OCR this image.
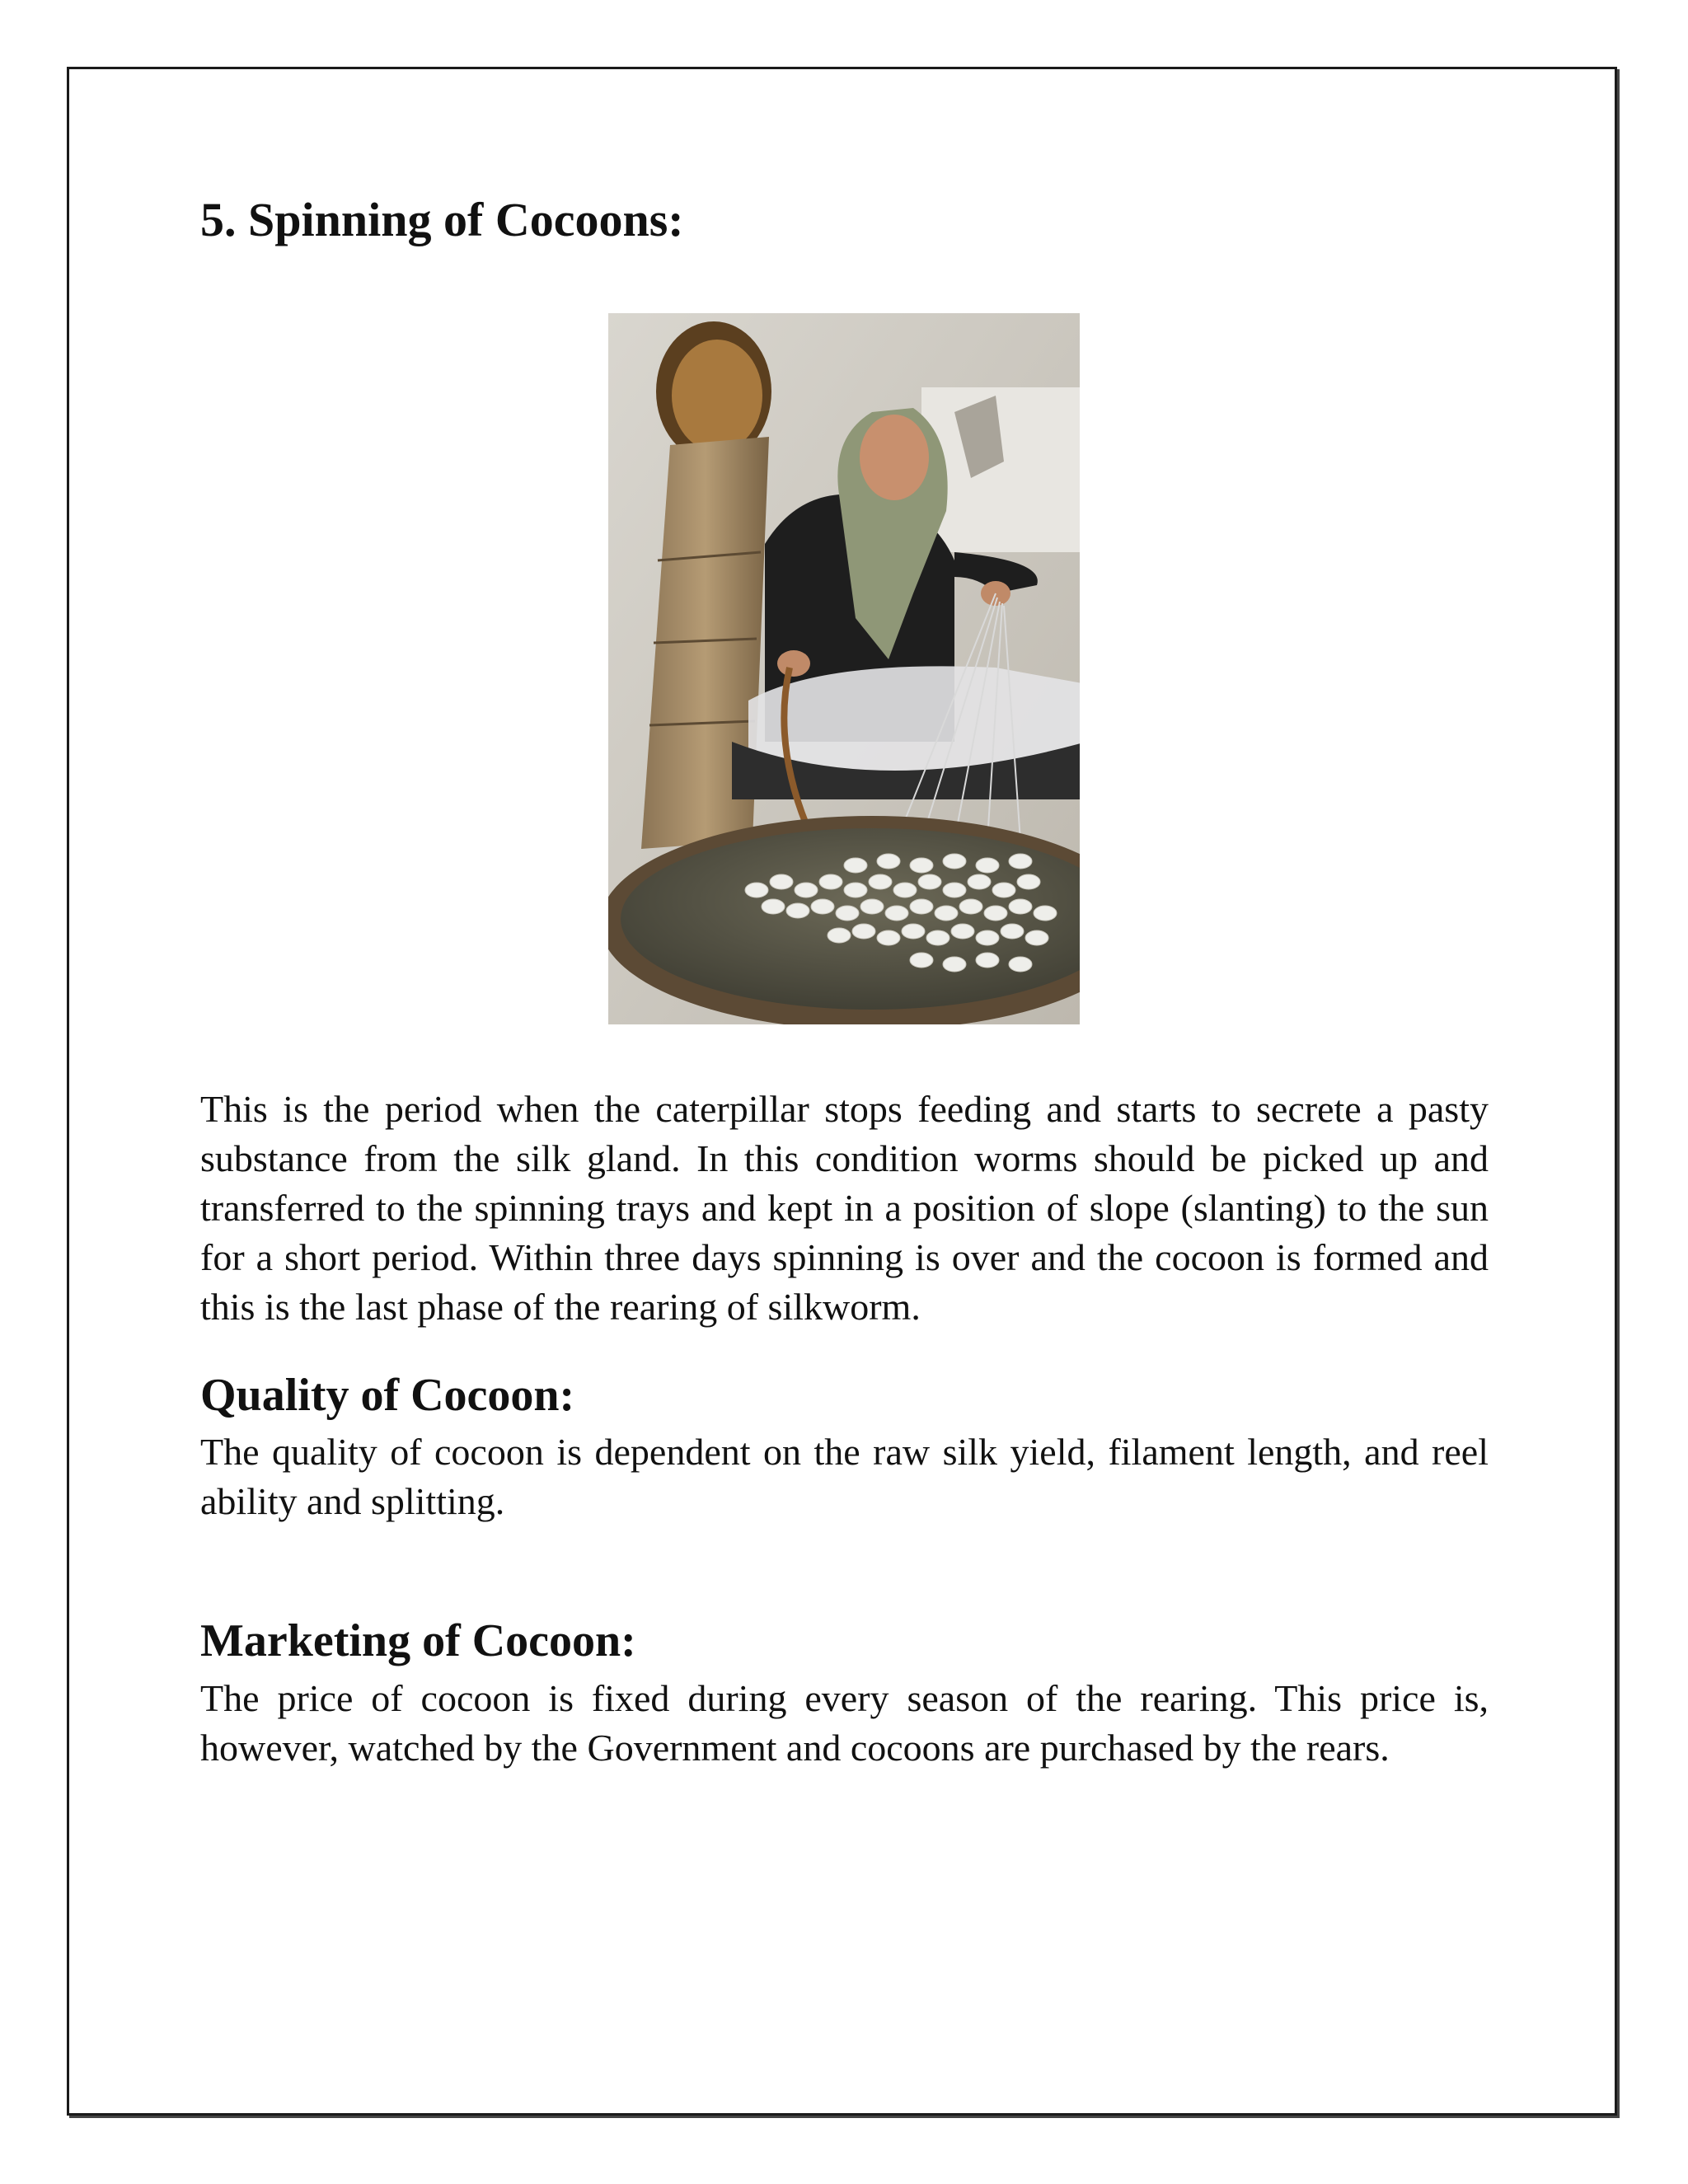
5. Spinning of Cocoons:

This is the period when the caterpillar stops feeding and starts to secrete a pasty substance from the silk gland. In this condition worms should be picked up and transferred to the spinning trays and kept in a position of slope (slanting) to the sun for a short period. Within three days spinning is over and the cocoon is formed and this is the last phase of the rearing of silkworm.

Quality of Cocoon:

The quality of cocoon is dependent on the raw silk yield, filament length, and reel ability and splitting.

Marketing of Cocoon:

The price of cocoon is fixed during every season of the rearing. This price is, however, watched by the Government and cocoons are purchased by the rears.
